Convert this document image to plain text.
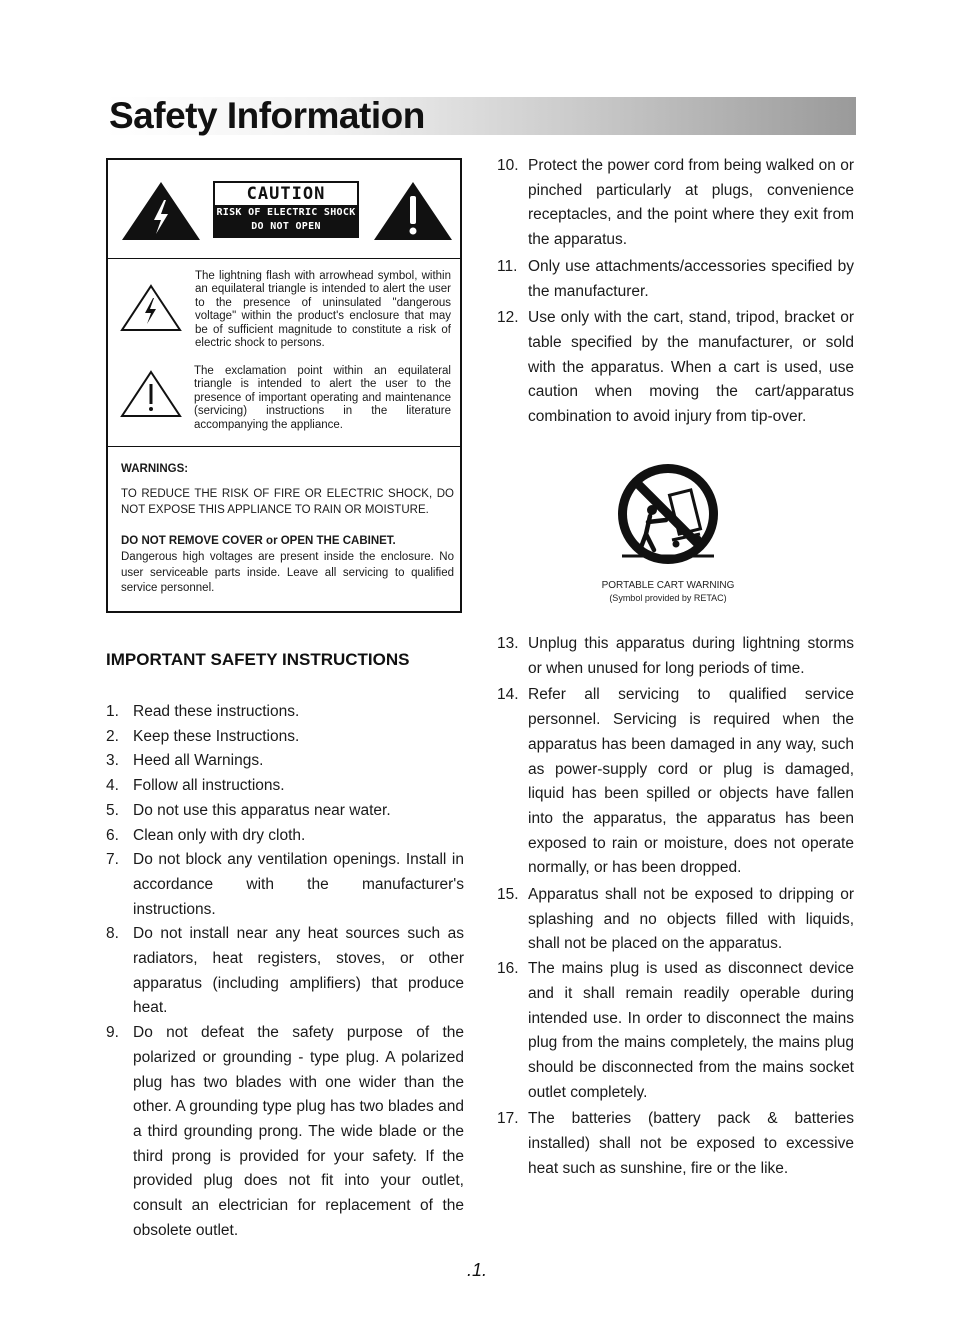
Safety Information
CAUTION
RISK OF ELECTRIC SHOCK
DO NOT OPEN
The lightning flash with arrowhead symbol, within an equilateral triangle is intended to alert the user to the presence of uninsulated "dangerous voltage" within the product's enclosure that may be of sufficient magnitude to constitute a risk of electric shock to persons.
The exclamation point within an equilateral triangle is intended to alert the user to the presence of important operating and maintenance (servicing) instructions in the literature accompanying the appliance.
WARNINGS:
TO REDUCE THE RISK OF FIRE OR ELECTRIC SHOCK, DO NOT EXPOSE THIS APPLIANCE TO RAIN OR MOISTURE.
DO NOT REMOVE COVER or OPEN THE CABINET.
Dangerous high voltages are present inside the enclosure. No user serviceable parts inside. Leave all servicing to qualified service personnel.
IMPORTANT SAFETY INSTRUCTIONS
1. Read these instructions.
2. Keep these Instructions.
3. Heed all Warnings.
4. Follow all instructions.
5. Do not use this apparatus near water.
6. Clean only with dry cloth.
7. Do not block any ventilation openings. Install in accordance with the manufacturer's instructions.
8. Do not install near any heat sources such as radiators, heat registers, stoves, or other apparatus (including amplifiers) that produce heat.
9. Do not defeat the safety purpose of the polarized or grounding - type plug. A polarized plug has two blades with one wider than the other. A grounding type plug has two blades and a third grounding prong. The wide blade or the third prong is provided for your safety. If the provided plug does not fit into your outlet, consult an electrician for replacement of the obsolete outlet.
10. Protect the power cord from being walked on or pinched particularly at plugs, convenience receptacles, and the point where they exit from the apparatus.
11. Only use attachments/accessories specified by the manufacturer.
12. Use only with the cart, stand, tripod, bracket or table specified by the manufacturer, or sold with the apparatus. When a cart is used, use caution when moving the cart/apparatus combination to avoid injury from tip-over.
PORTABLE CART WARNING
(Symbol provided by RETAC)
13. Unplug this apparatus during lightning storms or when unused for long periods of time.
14. Refer all servicing to qualified service personnel. Servicing is required when the apparatus has been damaged in any way, such as power-supply cord or plug is damaged, liquid has been spilled or objects have fallen into the apparatus, the apparatus has been exposed to rain or moisture, does not operate normally, or has been dropped.
15. Apparatus shall not be exposed to dripping or splashing and no objects filled with liquids, shall not be placed on the apparatus.
16. The mains plug is used as disconnect device and it shall remain readily operable during intended use. In order to disconnect the mains plug from the mains completely, the mains plug should be disconnected from the mains socket outlet completely.
17. The batteries (battery pack & batteries installed) shall not be exposed to excessive heat such as sunshine, fire or the like.
.1.
